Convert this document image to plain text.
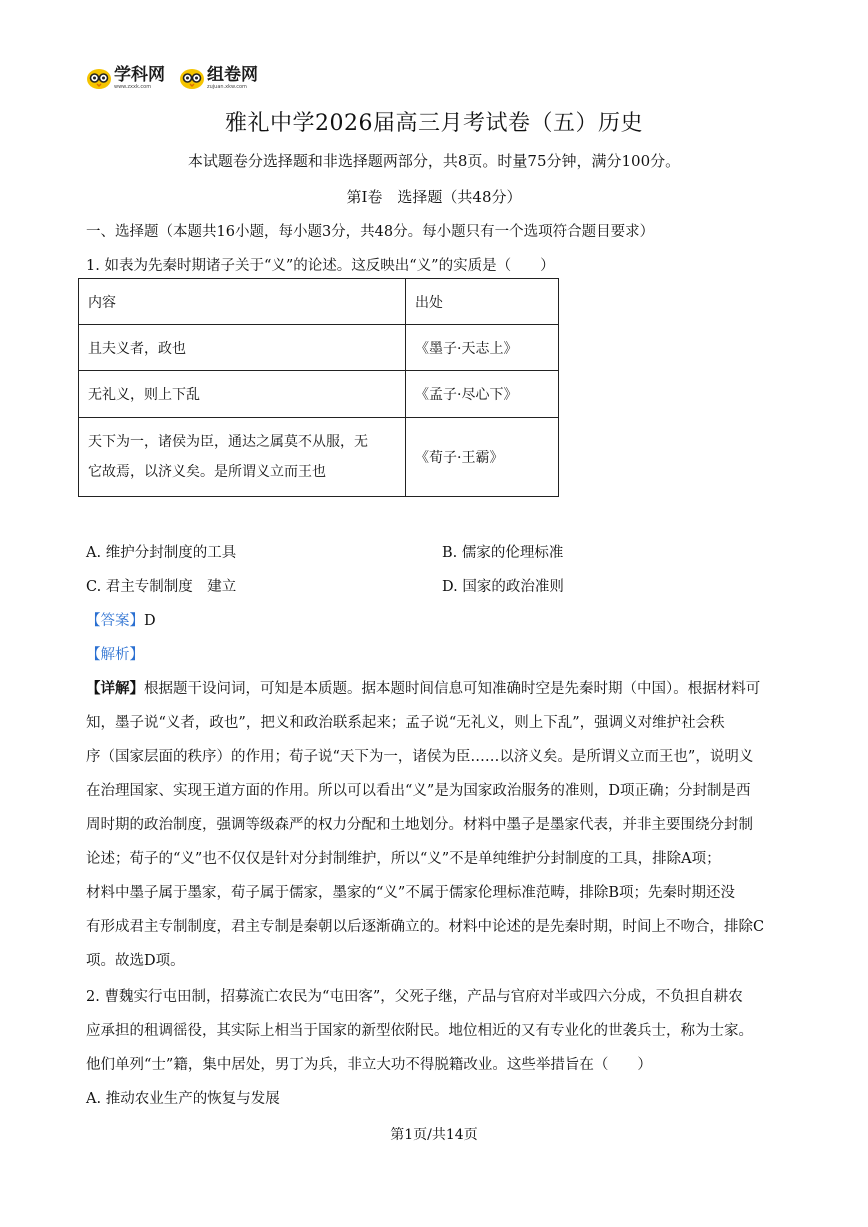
学科网
www.zxxk.com
组卷网
zujuan.xkw.com
雅礼中学2026届高三月考试卷（五）历史
本试题卷分选择题和非选择题两部分，共8页。时量75分钟，满分100分。
第Ⅰ卷　选择题（共48分）
一、选择题（本题共16小题，每小题3分，共48分。每小题只有一个选项符合题目要求）
1. 如表为先秦时期诸子关于“义”的论述。这反映出“义”的实质是（　　）
内容	出处
且夫义者，政也	《墨子·天志上》
无礼义，则上下乱	《孟子·尽心下》

天下为一，诸侯为臣，通达之属莫不从服，无
它故焉，以济义矣。是所谓义立而王也	《荀子·王霸》
A. 维护分封制度的工具	B. 儒家的伦理标准
C. 君主专制制度　建立	D. 国家的政治准则
【答案】D
【解析】
【详解】根据题干设问词，可知是本质题。据本题时间信息可知准确时空是先秦时期（中国）。根据材料可
知，墨子说“义者，政也”，把义和政治联系起来；孟子说“无礼义，则上下乱”，强调义对维护社会秩
序（国家层面的秩序）的作用；荀子说“天下为一，诸侯为臣……以济义矣。是所谓义立而王也”，说明义
在治理国家、实现王道方面的作用。所以可以看出“义”是为国家政治服务的准则，D项正确；分封制是西
周时期的政治制度，强调等级森严的权力分配和土地划分。材料中墨子是墨家代表，并非主要围绕分封制
论述；荀子的“义”也不仅仅是针对分封制维护，所以“义”不是单纯维护分封制度的工具，排除A项；
材料中墨子属于墨家，荀子属于儒家，墨家的“义”不属于儒家伦理标准范畴，排除B项；先秦时期还没
有形成君主专制制度，君主专制是秦朝以后逐渐确立的。材料中论述的是先秦时期，时间上不吻合，排除C
项。故选D项。
2. 曹魏实行屯田制，招募流亡农民为“屯田客”，父死子继，产品与官府对半或四六分成，不负担自耕农
应承担的租调徭役，其实际上相当于国家的新型依附民。地位相近的又有专业化的世袭兵士，称为士家。
他们单列“士”籍，集中居处，男丁为兵，非立大功不得脱籍改业。这些举措旨在（　　）
A. 推动农业生产的恢复与发展
第1页/共14页
